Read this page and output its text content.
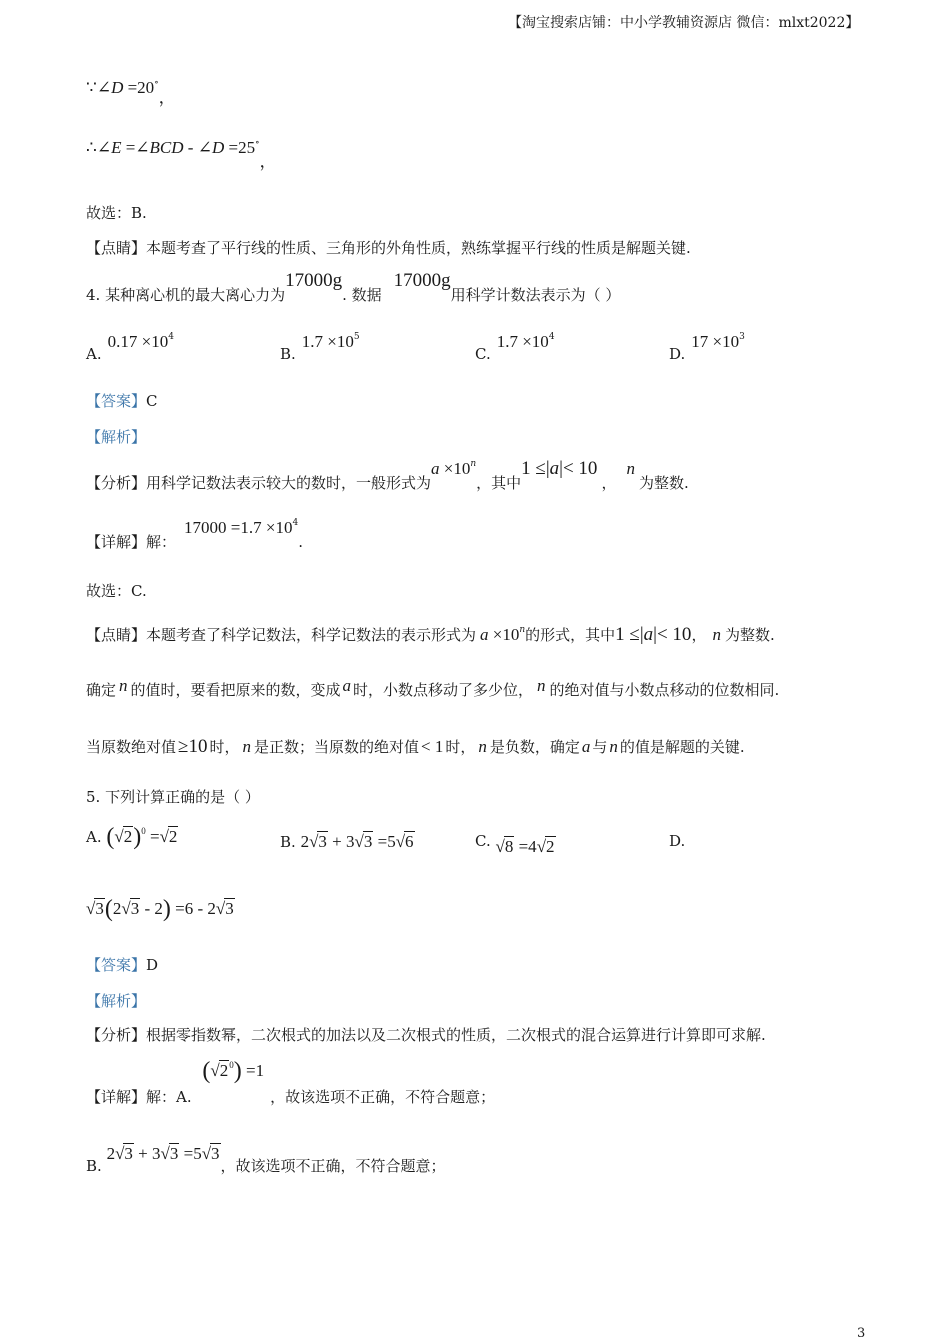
【淘宝搜索店铺：中小学教辅资源店 微信：mlxt2022】
∵∠D =20∘，
∴∠E =∠BCD - ∠D =25∘，
故选：B.
【点睛】本题考查了平行线的性质、三角形的外角性质，熟练掌握平行线的性质是解题关键.
4. 某种离心机的最大离心力为17000g. 数据17000g用科学计数法表示为（ ）
$A.0.17 \times 10^4$
$B.1.7 \times 10^5$
$C.1.7 \times 10^4$
$D.17 \times 10^3$
【答案】C
【解析】
【分析】用科学记数法表示较大的数时，一般形式为$a \times 10^n$，其中1 ≤|a|< 10，n为整数.
【详解】解：$17000 =1.7 \times 10^4$.
故选：C.
【点睛】本题考查了科学记数法，科学记数法的表示形式为 $a \times 10^n$的形式，其中1 ≤|a|< 10， n 为整数.
确定 n 的值时，要看把原来的数，变成 a 时，小数点移动了多少位， n 的绝对值与小数点移动的位数相同.
当原数绝对值 ≥10 时， n 是正数；当原数的绝对值 < 1 时， n 是负数，确定 a 与 n 的值是解题的关键.
5. 下列计算正确的是（ ）
A. $(√2)^0 =√2$	B. 2√3 + 3√3 =5√6	C. √8 =4√2	D.
√3(2√3 - 2) =6 - 2√3
【答案】D
【解析】
【分析】根据零指数幂，二次根式的加法以及二次根式的性质，二次根式的混合运算进行计算即可求解.
【详解】解：A. $(√2^0) =1$，故该选项不正确，不符合题意；
B. 2√3 + 3√3 =5√3，故该选项不正确，不符合题意；
3
